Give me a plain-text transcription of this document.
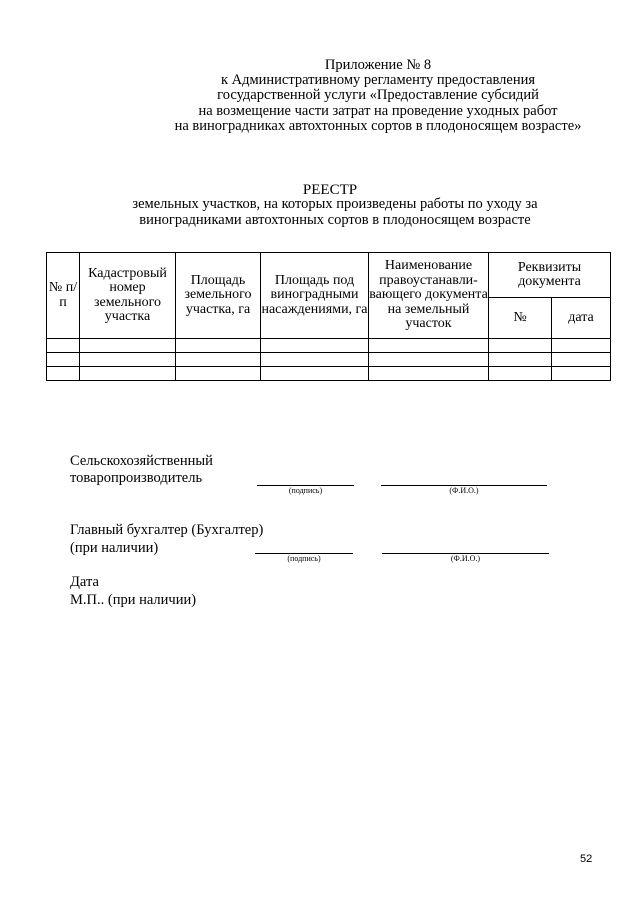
Приложение № 8
к Административному регламенту предоставления
государственной услуги «Предоставление субсидий
на возмещение части затрат на проведение уходных работ
на виноградниках автохтонных сортов в плодоносящем возрасте»
РЕЕСТР
земельных участков, на которых произведены работы по уходу за
виноградниками автохтонных сортов в плодоносящем возрасте
№ п/п	Кадастровый номер земельного участка	Площадь земельного участка, га	Площадь под виноградными насаждениями, га	Наименование правоустанавли-вающего документа на земельный участок	Реквизиты документа	
					№	дата

Сельскохозяйственный
товаропроизводитель
(подпись)	(Ф.И.О.)
Главный бухгалтер (Бухгалтер)
(при наличии)
(подпись)	(Ф.И.О.)
Дата
М.П.. (при наличии)
52
